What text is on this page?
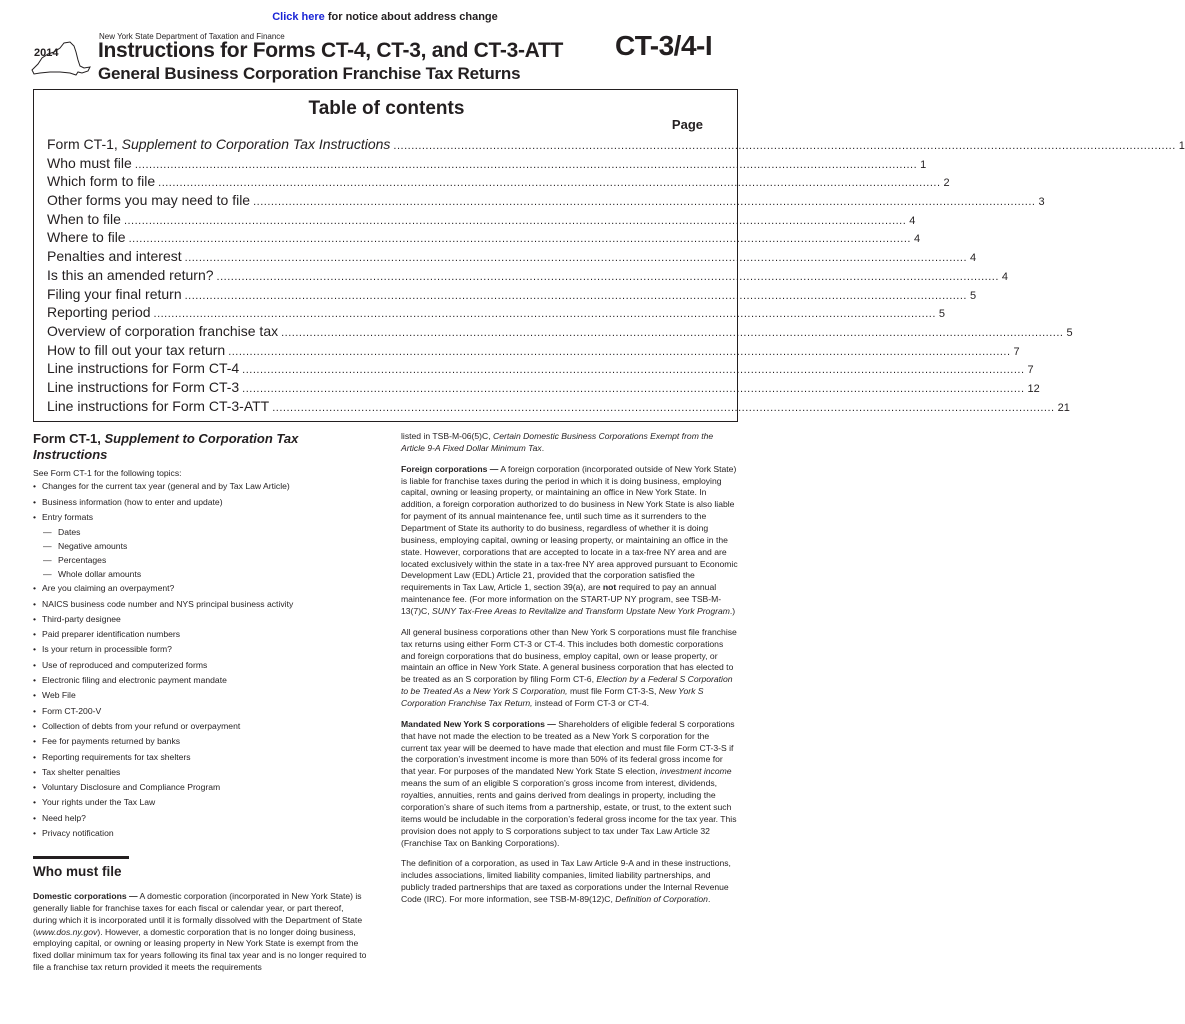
Click here for notice about address change
2014
New York State Department of Taxation and Finance
Instructions for Forms CT-4, CT-3, and CT-3-ATT
General Business Corporation Franchise Tax Returns
CT-3/4-I
Table of contents
Page
Form CT-1, Supplement to Corporation Tax Instructions ............................................................................................................................................................................................................................ 1
Who must file ............................................................................................................................................................................................................................ 1
Which form to file ............................................................................................................................................................................................................................ 2
Other forms you may need to file ............................................................................................................................................................................................................................ 3
When to file ............................................................................................................................................................................................................................ 4
Where to file ............................................................................................................................................................................................................................ 4
Penalties and interest ............................................................................................................................................................................................................................ 4
Is this an amended return? ............................................................................................................................................................................................................................ 4
Filing your final return ............................................................................................................................................................................................................................ 5
Reporting period ............................................................................................................................................................................................................................ 5
Overview of corporation franchise tax ............................................................................................................................................................................................................................ 5
How to fill out your tax return ............................................................................................................................................................................................................................ 7
Line instructions for Form CT-4 ............................................................................................................................................................................................................................ 7
Line instructions for Form CT-3 ............................................................................................................................................................................................................................ 12
Line instructions for Form CT-3-ATT ............................................................................................................................................................................................................................ 21
Form CT-1, Supplement to Corporation Tax Instructions
See Form CT-1 for the following topics:
• Changes for the current tax year (general and by Tax Law Article)
• Business information (how to enter and update)
• Entry formats
— Dates
— Negative amounts
— Percentages
— Whole dollar amounts
• Are you claiming an overpayment?
• NAICS business code number and NYS principal business activity
• Third-party designee
• Paid preparer identification numbers
• Is your return in processible form?
• Use of reproduced and computerized forms
• Electronic filing and electronic payment mandate
• Web File
• Form CT-200-V
• Collection of debts from your refund or overpayment
• Fee for payments returned by banks
• Reporting requirements for tax shelters
• Tax shelter penalties
• Voluntary Disclosure and Compliance Program
• Your rights under the Tax Law
• Need help?
• Privacy notification
Who must file

Domestic corporations — A domestic corporation (incorporated in New York State) is generally liable for franchise taxes for each fiscal or calendar year, or part thereof, during which it is incorporated until it is formally dissolved with the Department of State (www.dos.ny.gov). However, a domestic corporation that is no longer doing business, employing capital, or owning or leasing property in New York State is exempt from the fixed dollar minimum tax for years following its final tax year and is no longer required to file a franchise tax return provided it meets the requirements

listed in TSB-M-06(5)C, Certain Domestic Business Corporations Exempt from the Article 9-A Fixed Dollar Minimum Tax.

Foreign corporations — A foreign corporation (incorporated outside of New York State) is liable for franchise taxes during the period in which it is doing business, employing capital, owning or leasing property, or maintaining an office in New York State. In addition, a foreign corporation authorized to do business in New York State is also liable for payment of its annual maintenance fee, until such time as it surrenders to the Department of State its authority to do business, regardless of whether it is doing business, employing capital, owning or leasing property, or maintaining an office in the state. However, corporations that are accepted to locate in a tax-free NY area and are located exclusively within the state in a tax-free NY area approved pursuant to Economic Development Law (EDL) Article 21, provided that the corporation satisfied the requirements in Tax Law, Article 1, section 39(a), are not required to pay an annual maintenance fee. (For more information on the START-UP NY program, see TSB-M-13(7)C, SUNY Tax-Free Areas to Revitalize and Transform Upstate New York Program.)

All general business corporations other than New York S corporations must file franchise tax returns using either Form CT-3 or CT-4. This includes both domestic corporations and foreign corporations that do business, employ capital, own or lease property, or maintain an office in New York State. A general business corporation that has elected to be treated as an S corporation by filing Form CT-6, Election by a Federal S Corporation to be Treated As a New York S Corporation, must file Form CT-3-S, New York S Corporation Franchise Tax Return, instead of Form CT-3 or CT-4.

Mandated New York S corporations — Shareholders of eligible federal S corporations that have not made the election to be treated as a New York S corporation for the current tax year will be deemed to have made that election and must file Form CT-3-S if the corporation’s investment income is more than 50% of its federal gross income for that year. For purposes of the mandated New York State S election, investment income means the sum of an eligible S corporation’s gross income from interest, dividends, royalties, annuities, rents and gains derived from dealings in property, including the corporation’s share of such items from a partnership, estate, or trust, to the extent such items would be includable in the corporation’s federal gross income for the tax year. This provision does not apply to S corporations subject to tax under Tax Law Article 32 (Franchise Tax on Banking Corporations).

The definition of a corporation, as used in Tax Law Article 9-A and in these instructions, includes associations, limited liability companies, limited liability partnerships, and publicly traded partnerships that are taxed as corporations under the Internal Revenue Code (IRC). For more information, see TSB-M-89(12)C, Definition of Corporation.
